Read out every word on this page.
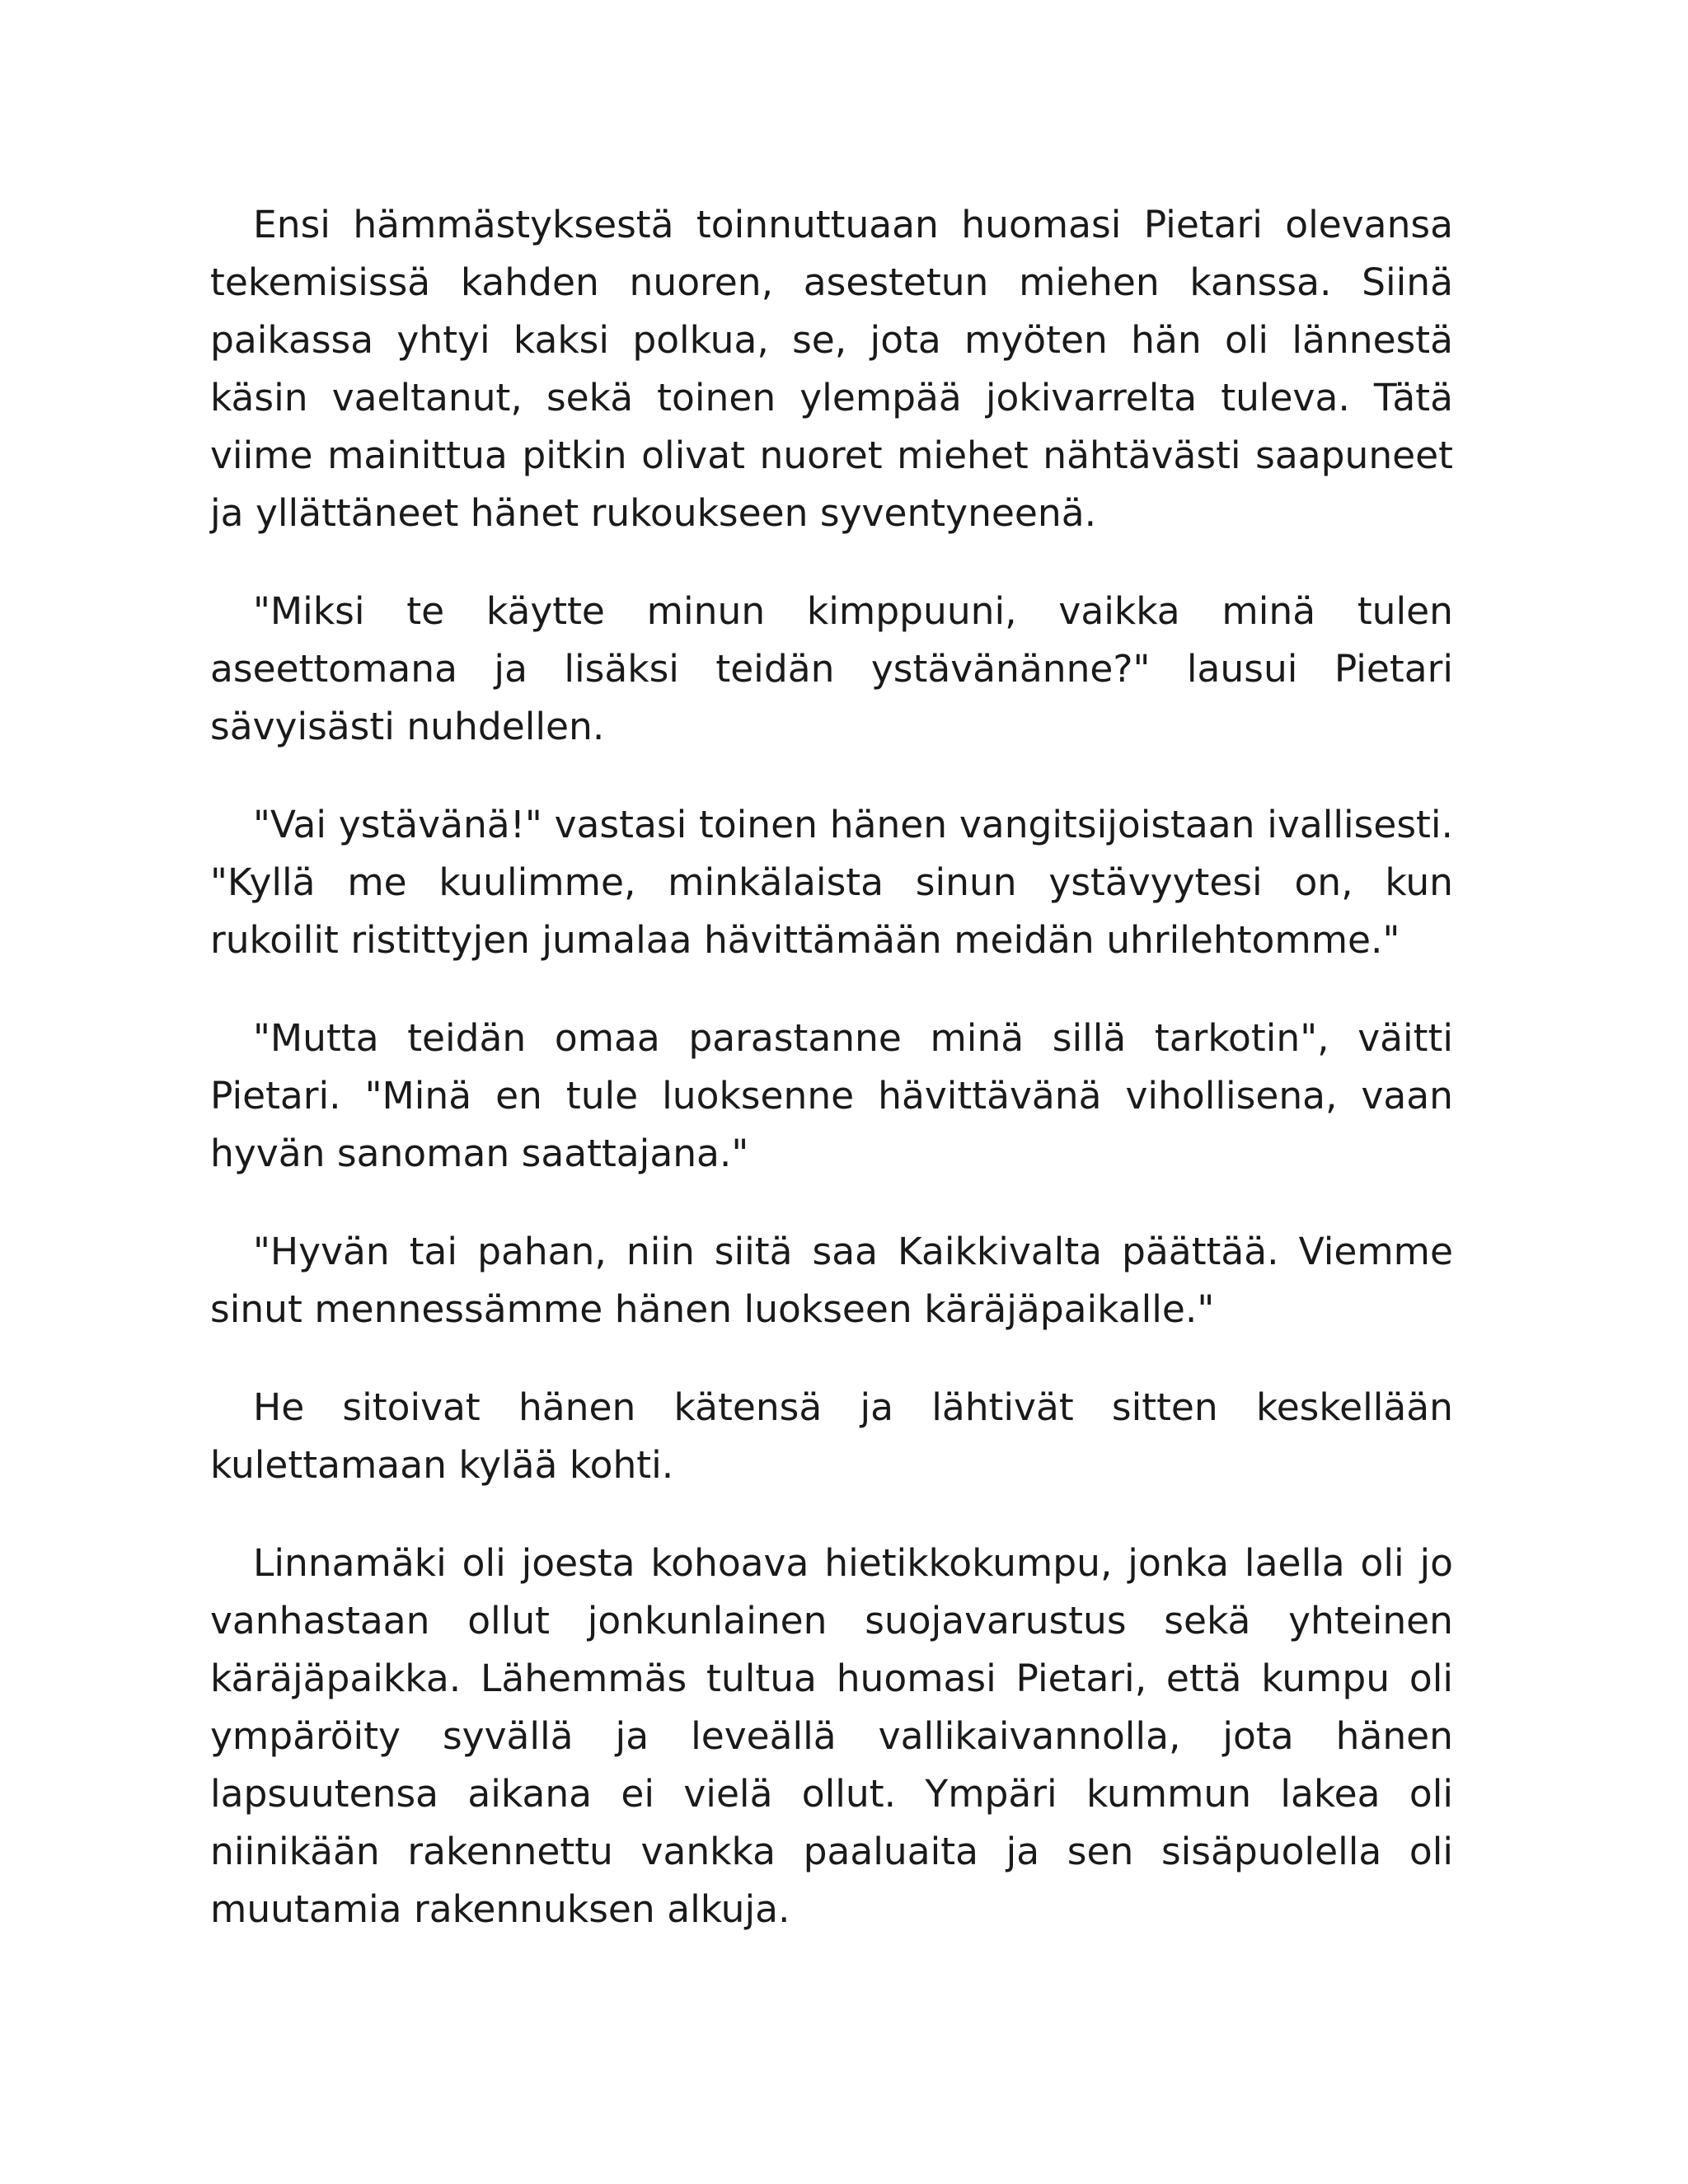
Ensi hämmästyksestä toinnuttuaan huomasi Pietari olevansa tekemisissä kahden nuoren, asestetun miehen kanssa. Siinä paikassa yhtyi kaksi polkua, se, jota myöten hän oli lännestä käsin vaeltanut, sekä toinen ylempää jokivarrelta tuleva. Tätä viime mainittua pitkin olivat nuoret miehet nähtävästi saapuneet ja yllättäneet hänet rukoukseen syventyneenä.

"Miksi te käytte minun kimppuuni, vaikka minä tulen aseettomana ja lisäksi teidän ystävänänne?" lausui Pietari sävyisästi nuhdellen.

"Vai ystävänä!" vastasi toinen hänen vangitsijoistaan ivallisesti. "Kyllä me kuulimme, minkälaista sinun ystävyytesi on, kun rukoilit ristittyjen jumalaa hävittämään meidän uhrilehtomme."

"Mutta teidän omaa parastanne minä sillä tarkotin", väitti Pietari. "Minä en tule luoksenne hävittävänä vihollisena, vaan hyvän sanoman saattajana."

"Hyvän tai pahan, niin siitä saa Kaikkivalta päättää. Viemme sinut mennessämme hänen luokseen käräjäpaikalle."

He sitoivat hänen kätensä ja lähtivät sitten keskellään kulettamaan kylää kohti.

Linnamäki oli joesta kohoava hietikkokumpu, jonka laella oli jo vanhastaan ollut jonkunlainen suojavarustus sekä yhteinen käräjäpaikka. Lähemmäs tultua huomasi Pietari, että kumpu oli ympäröity syvällä ja leveällä vallikaivannolla, jota hänen lapsuutensa aikana ei vielä ollut. Ympäri kummun lakea oli niinikään rakennettu vankka paaluaita ja sen sisäpuolella oli muutamia rakennuksen alkuja.
